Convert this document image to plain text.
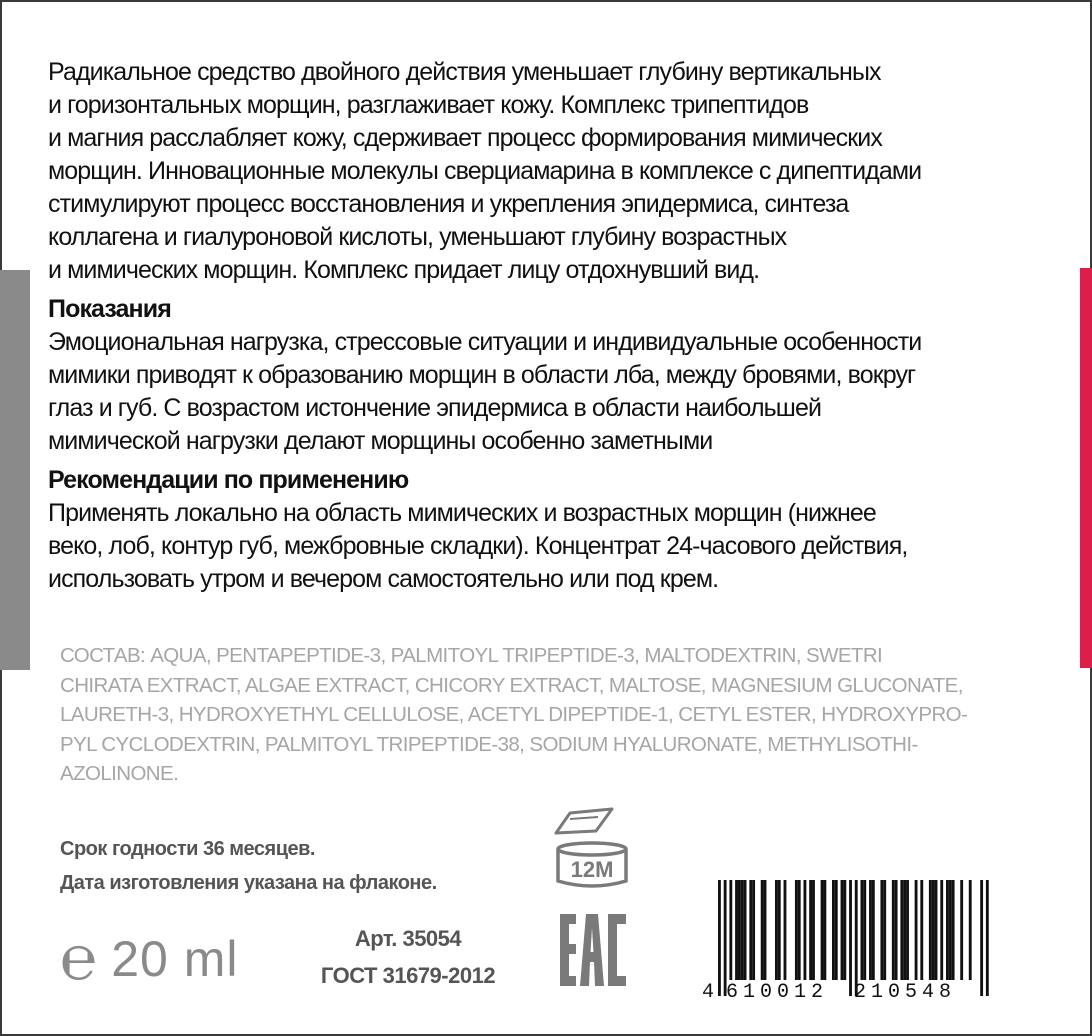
Радикальное средство двойного действия уменьшает глубину вертикальных
и горизонтальных морщин, разглаживает кожу. Комплекс трипептидов
и магния расслабляет кожу, сдерживает процесс формирования мимических
морщин. Инновационные молекулы сверциамарина в комплексе с дипептидами
стимулируют процесс восстановления и укрепления эпидермиса, синтеза
коллагена и гиалуроновой кислоты, уменьшают глубину возрастных
и мимических морщин. Комплекс придает лицу отдохнувший вид.

Показания

Эмоциональная нагрузка, стрессовые ситуации и индивидуальные особенности
мимики приводят к образованию морщин в области лба, между бровями, вокруг
глаз и губ. С возрастом истончение эпидермиса в области наибольшей
мимической нагрузки делают морщины особенно заметными

Рекомендации по применению

Применять локально на область мимических и возрастных морщин (нижнее
веко, лоб, контур губ, межбровные складки). Концентрат 24-часового действия,
использовать утром и вечером самостоятельно или под крем.

СОСТАВ: AQUA, PENTAPEPTIDE-3, PALMITOYL TRIPEPTIDE-3, MALTODEXTRIN, SWETRI
CHIRATA EXTRACT, ALGAE EXTRACT, CHICORY EXTRACT, MALTOSE, MAGNESIUM GLUCONATE,
LAURETH-3, HYDROXYETHYL CELLULOSE, ACETYL DIPEPTIDE-1, CETYL ESTER, HYDROXYPRO-
PYL CYCLODEXTRIN, PALMITOYL TRIPEPTIDE-38, SODIUM HYALURONATE, METHYLISOTHI-
AZOLINONE.
Срок годности 36 месяцев.
Дата изготовления указана на флаконе.
℮ 20 ml	Арт. 35054
ГОСТ 31679-2012
12M
4 610012 210548
